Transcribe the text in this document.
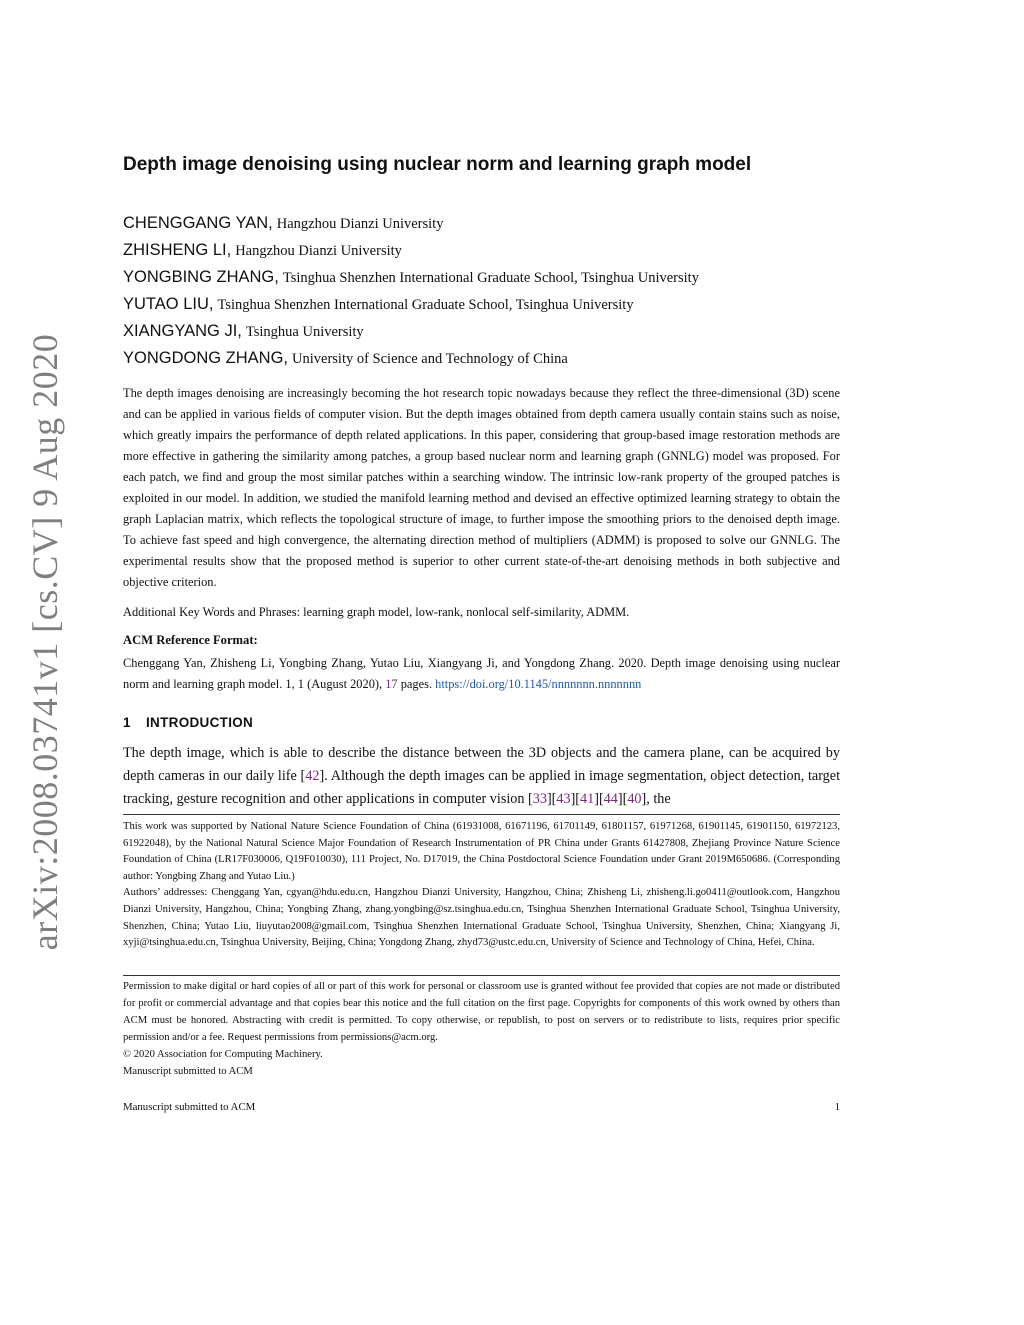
arXiv:2008.03741v1 [cs.CV] 9 Aug 2020
Depth image denoising using nuclear norm and learning graph model
CHENGGANG YAN, Hangzhou Dianzi University
ZHISHENG LI, Hangzhou Dianzi University
YONGBING ZHANG, Tsinghua Shenzhen International Graduate School, Tsinghua University
YUTAO LIU, Tsinghua Shenzhen International Graduate School, Tsinghua University
XIANGYANG JI, Tsinghua University
YONGDONG ZHANG, University of Science and Technology of China
The depth images denoising are increasingly becoming the hot research topic nowadays because they reflect the three-dimensional (3D) scene and can be applied in various fields of computer vision. But the depth images obtained from depth camera usually contain stains such as noise, which greatly impairs the performance of depth related applications. In this paper, considering that group-based image restoration methods are more effective in gathering the similarity among patches, a group based nuclear norm and learning graph (GNNLG) model was proposed. For each patch, we find and group the most similar patches within a searching window. The intrinsic low-rank property of the grouped patches is exploited in our model. In addition, we studied the manifold learning method and devised an effective optimized learning strategy to obtain the graph Laplacian matrix, which reflects the topological structure of image, to further impose the smoothing priors to the denoised depth image. To achieve fast speed and high convergence, the alternating direction method of multipliers (ADMM) is proposed to solve our GNNLG. The experimental results show that the proposed method is superior to other current state-of-the-art denoising methods in both subjective and objective criterion.
Additional Key Words and Phrases: learning graph model, low-rank, nonlocal self-similarity, ADMM.
ACM Reference Format:
Chenggang Yan, Zhisheng Li, Yongbing Zhang, Yutao Liu, Xiangyang Ji, and Yongdong Zhang. 2020. Depth image denoising using nuclear norm and learning graph model. 1, 1 (August 2020), 17 pages. https://doi.org/10.1145/nnnnnnn.nnnnnnn
1 INTRODUCTION
The depth image, which is able to describe the distance between the 3D objects and the camera plane, can be acquired by depth cameras in our daily life [42]. Although the depth images can be applied in image segmentation, object detection, target tracking, gesture recognition and other applications in computer vision [33][43][41][44][40], the
This work was supported by National Nature Science Foundation of China (61931008, 61671196, 61701149, 61801157, 61971268, 61901145, 61901150, 61972123, 61922048), by the National Natural Science Major Foundation of Research Instrumentation of PR China under Grants 61427808, Zhejiang Province Nature Science Foundation of China (LR17F030006, Q19F010030), 111 Project, No. D17019, the China Postdoctoral Science Foundation under Grant 2019M650686. (Corresponding author: Yongbing Zhang and Yutao Liu.)
Authors’ addresses: Chenggang Yan, cgyan@hdu.edu.cn, Hangzhou Dianzi University, Hangzhou, China; Zhisheng Li, zhisheng.li.go0411@outlook.com, Hangzhou Dianzi University, Hangzhou, China; Yongbing Zhang, zhang.yongbing@sz.tsinghua.edu.cn, Tsinghua Shenzhen International Graduate School, Tsinghua University, Shenzhen, China; Yutao Liu, liuyutao2008@gmail.com, Tsinghua Shenzhen International Graduate School, Tsinghua University, Shenzhen, China; Xiangyang Ji, xyji@tsinghua.edu.cn, Tsinghua University, Beijing, China; Yongdong Zhang, zhyd73@ustc.edu.cn, University of Science and Technology of China, Hefei, China.
Permission to make digital or hard copies of all or part of this work for personal or classroom use is granted without fee provided that copies are not made or distributed for profit or commercial advantage and that copies bear this notice and the full citation on the first page. Copyrights for components of this work owned by others than ACM must be honored. Abstracting with credit is permitted. To copy otherwise, or republish, to post on servers or to redistribute to lists, requires prior specific permission and/or a fee. Request permissions from permissions@acm.org.
© 2020 Association for Computing Machinery.
Manuscript submitted to ACM
Manuscript submitted to ACM	1
